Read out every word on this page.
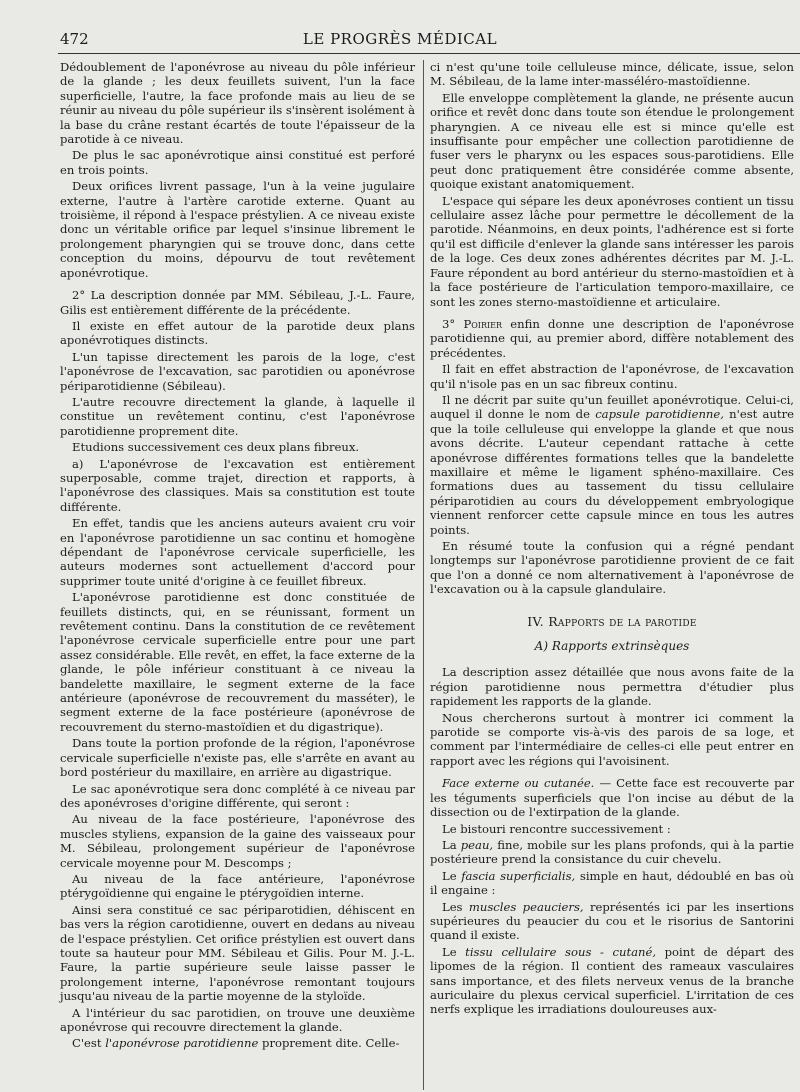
472	LE PROGRÈS MÉDICAL

Dédoublement de l'aponévrose au niveau du pôle inférieur de la glande ; les deux feuillets suivent, l'un la face superficielle, l'autre, la face profonde mais au lieu de se réunir au niveau du pôle supérieur ils s'insèrent isolément à la base du crâne restant écartés de toute l'épaisseur de la parotide à ce niveau.

De plus le sac aponévrotique ainsi constitué est perforé en trois points.

Deux orifices livrent passage, l'un à la veine jugulaire externe, l'autre à l'artère carotide externe. Quant au troisième, il répond à l'espace préstylien. A ce niveau existe donc un véritable orifice par lequel s'insinue librement le prolongement pharyngien qui se trouve donc, dans cette conception du moins, dépourvu de tout revêtement aponévrotique.

2° La description donnée par MM. Sébileau, J.-L. Faure, Gilis est entièrement différente de la précédente.

Il existe en effet autour de la parotide deux plans aponévrotiques distincts.

L'un tapisse directement les parois de la loge, c'est l'aponévrose de l'excavation, sac parotidien ou aponévrose périparotidienne (Sébileau).

L'autre recouvre directement la glande, à laquelle il constitue un revêtement continu, c'est l'aponévrose parotidienne proprement dite.

Etudions successivement ces deux plans fibreux.

a) L'aponévrose de l'excavation est entièrement superposable, comme trajet, direction et rapports, à l'aponévrose des classiques. Mais sa constitution est toute différente.

En effet, tandis que les anciens auteurs avaient cru voir en l'aponévrose parotidienne un sac continu et homogène dépendant de l'aponévrose cervicale superficielle, les auteurs modernes sont actuellement d'accord pour supprimer toute unité d'origine à ce feuillet fibreux.

L'aponévrose parotidienne est donc constituée de feuillets distincts, qui, en se réunissant, forment un revêtement continu. Dans la constitution de ce revêtement l'aponévrose cervicale superficielle entre pour une part assez considérable. Elle revêt, en effet, la face externe de la glande, le pôle inférieur constituant à ce niveau la bandelette maxillaire, le segment externe de la face antérieure (aponévrose de recouvrement du masséter), le segment externe de la face postérieure (aponévrose de recouvrement du sterno-mastoïdien et du digastrique).

Dans toute la portion profonde de la région, l'aponévrose cervicale superficielle n'existe pas, elle s'arrête en avant au bord postérieur du maxillaire, en arrière au digastrique.

Le sac aponévrotique sera donc complété à ce niveau par des aponévroses d'origine différente, qui seront :

Au niveau de la face postérieure, l'aponévrose des muscles styliens, expansion de la gaine des vaisseaux pour M. Sébileau, prolongement supérieur de l'aponévrose cervicale moyenne pour M. Descomps ;

Au niveau de la face antérieure, l'aponévrose ptérygoïdienne qui engaine le ptérygoïdien interne.

Ainsi sera constitué ce sac périparotidien, déhiscent en bas vers la région carotidienne, ouvert en dedans au niveau de l'espace préstylien. Cet orifice préstylien est ouvert dans toute sa hauteur pour MM. Sébileau et Gilis. Pour M. J.-L. Faure, la partie supérieure seule laisse passer le prolongement interne, l'aponévrose remontant toujours jusqu'au niveau de la partie moyenne de la styloïde.

A l'intérieur du sac parotidien, on trouve une deuxième aponévrose qui recouvre directement la glande.

C'est l'aponévrose parotidienne proprement dite. Celle-

ci n'est qu'une toile celluleuse mince, délicate, issue, selon M. Sébileau, de la lame inter-masséléro-mastoïdienne.

Elle enveloppe complètement la glande, ne présente aucun orifice et revêt donc dans toute son étendue le prolongement pharyngien. A ce niveau elle est si mince qu'elle est insuffisante pour empêcher une collection parotidienne de fuser vers le pharynx ou les espaces sous-parotidiens. Elle peut donc pratiquement être considérée comme absente, quoique existant anatomiquement.

L'espace qui sépare les deux aponévroses contient un tissu cellulaire assez lâche pour permettre le décollement de la parotide. Néanmoins, en deux points, l'adhérence est si forte qu'il est difficile d'enlever la glande sans intéresser les parois de la loge. Ces deux zones adhérentes décrites par M. J.-L. Faure répondent au bord antérieur du sterno-mastoïdien et à la face postérieure de l'articulation temporo-maxillaire, ce sont les zones sterno-mastoïdienne et articulaire.

3° Poirier enfin donne une description de l'aponévrose parotidienne qui, au premier abord, diffère notablement des précédentes.

Il fait en effet abstraction de l'aponévrose, de l'excavation qu'il n'isole pas en un sac fibreux continu.

Il ne décrit par suite qu'un feuillet aponévrotique. Celui-ci, auquel il donne le nom de capsule parotidienne, n'est autre que la toile celluleuse qui enveloppe la glande et que nous avons décrite. L'auteur cependant rattache à cette aponévrose différentes formations telles que la bandelette maxillaire et même le ligament sphéno-maxillaire. Ces formations dues au tassement du tissu cellulaire périparotidien au cours du développement embryologique viennent renforcer cette capsule mince en tous les autres points.

En résumé toute la confusion qui a régné pendant longtemps sur l'aponévrose parotidienne provient de ce fait que l'on a donné ce nom alternativement à l'aponévrose de l'excavation ou à la capsule glandulaire.

IV. Rapports de la parotide
A) Rapports extrinsèques

La description assez détaillée que nous avons faite de la région parotidienne nous permettra d'étudier plus rapidement les rapports de la glande.

Nous chercherons surtout à montrer ici comment la parotide se comporte vis-à-vis des parois de sa loge, et comment par l'intermédiaire de celles-ci elle peut entrer en rapport avec les régions qui l'avoisinent.

Face externe ou cutanée. — Cette face est recouverte par les téguments superficiels que l'on incise au début de la dissection ou de l'extirpation de la glande.

Le bistouri rencontre successivement :

La peau, fine, mobile sur les plans profonds, qui à la partie postérieure prend la consistance du cuir chevelu.

Le fascia superficialis, simple en haut, dédoublé en bas où il engaine :

Les muscles peauciers, représentés ici par les insertions supérieures du peaucier du cou et le risorius de Santorini quand il existe.

Le tissu cellulaire sous - cutané, point de départ des lipomes de la région. Il contient des rameaux vasculaires sans importance, et des filets nerveux venus de la branche auriculaire du plexus cervical superficiel. L'irritation de ces nerfs explique les irradiations douloureuses aux-
